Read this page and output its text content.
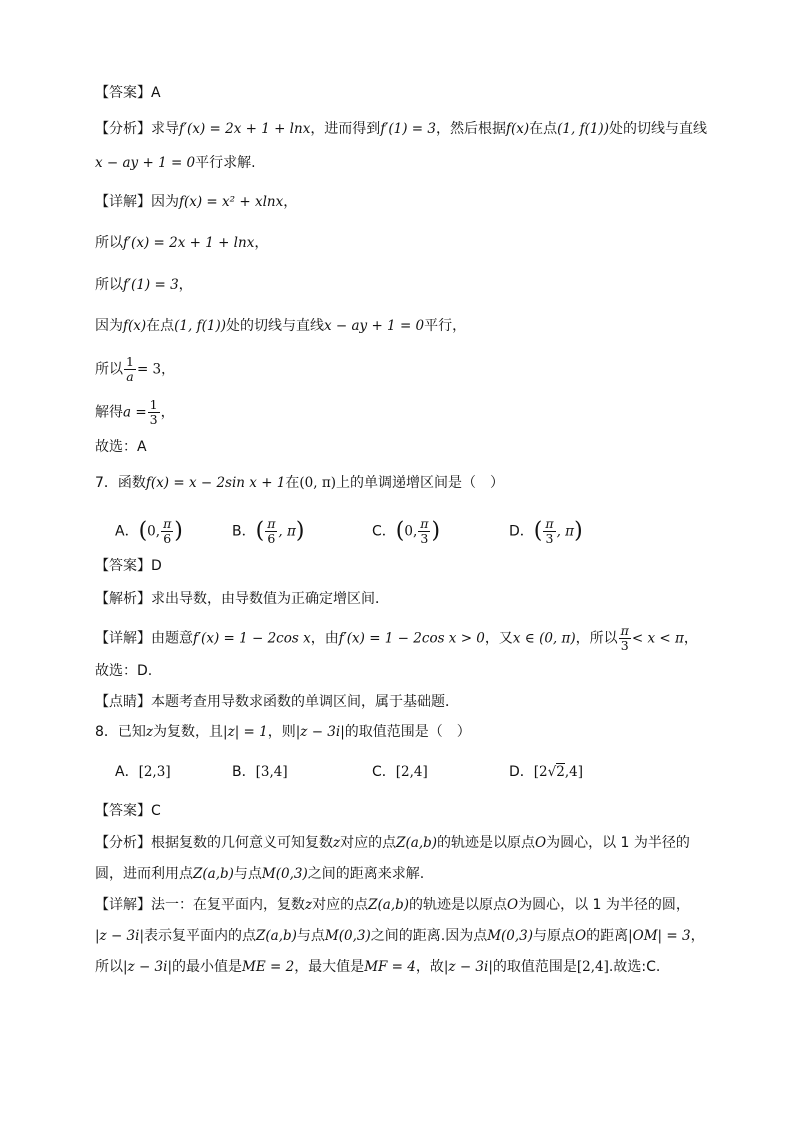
【答案】A
【分析】求导f′(x) = 2x + 1 + lnx，进而得到f′(1) = 3，然后根据f(x)在点(1, f(1))处的切线与直线
x − ay + 1 = 0平行求解.
【详解】因为f(x) = x² + xlnx，
所以f′(x) = 2x + 1 + lnx，
所以f′(1) = 3，
因为f(x)在点(1, f(1))处的切线与直线x − ay + 1 = 0平行，
所以 $\frac{1}{a} = 3$，
解得$a = \frac{1}{3}$ ，
故选：A
7．函数f(x) = x − 2sin x + 1在(0, π)上的单调递增区间是（　）
A．(0, $\frac{\pi}{6}$ )	B．( $\frac{\pi}{6}$ , π)	C．(0, $\frac{\pi}{3}$ )	D．( $\frac{\pi}{3}$ , π)
【答案】D
【解析】求出导数，由导数值为正确定增区间．
【详解】由题意f′(x) = 1 − 2cos x，由f′(x) = 1 − 2cos x > 0，又x ∈ (0, π)，所以 $\frac{\pi}{3} < x < \pi$，
故选：D.
【点睛】本题考查用导数求函数的单调区间，属于基础题．
8．已知z为复数，且|z| = 1，则|z − 3i|的取值范围是（　）
A．[2,3]	B．[3,4]	C．[2,4]	D．[2√2,4]
【答案】C
【分析】根据复数的几何意义可知复数z对应的点Z(a,b)的轨迹是以原点O为圆心，以 1 为半径的
圆，进而利用点Z(a,b)与点M(0,3)之间的距离来求解.
【详解】法一：在复平面内，复数z对应的点Z(a,b)的轨迹是以原点O为圆心，以 1 为半径的圆，
|z − 3i|表示复平面内的点Z(a,b)与点M(0,3)之间的距离.因为点M(0,3)与原点O的距离|OM| = 3，
所以|z − 3i|的最小值是ME = 2，最大值是MF = 4，故|z − 3i|的取值范围是[2,4].故选:C.
